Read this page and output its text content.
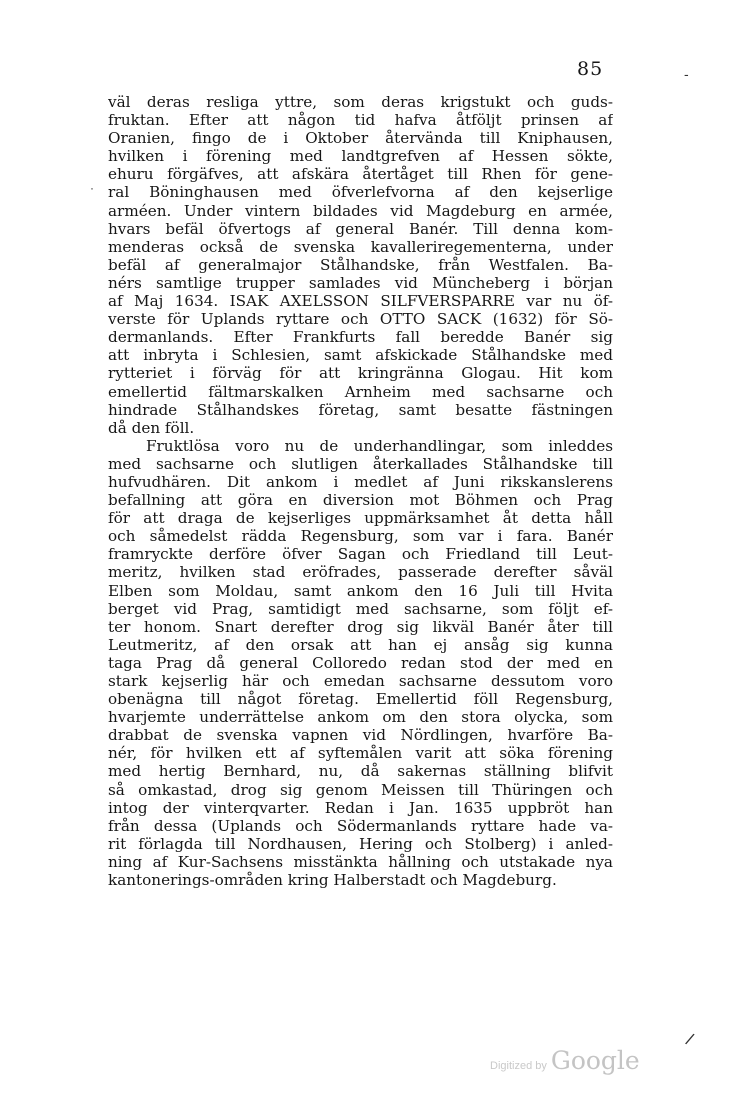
85	-
·
/
väl deras resliga yttre, som deras krigstukt och guds-
fruktan. Efter att någon tid hafva åtföljt prinsen af
Oranien, fingo de i Oktober återvända till Kniphausen,
hvilken i förening med landtgrefven af Hessen sökte,
ehuru förgäfves, att afskära återtåget till Rhen för gene-
ral Böninghausen med öfverlefvorna af den kejserlige
arméen. Under vintern bildades vid Magdeburg en armée,
hvars befäl öfvertogs af general Banér. Till denna kom-
menderas också de svenska kavalleriregementerna, under
befäl af generalmajor Stålhandske, från Westfalen. Ba-
nérs samtlige trupper samlades vid Müncheberg i början
af Maj 1634. ISAK AXELSSON SILFVERSPARRE var nu öf-
verste för Uplands ryttare och OTTO SACK (1632) för Sö-
dermanlands. Efter Frankfurts fall beredde Banér sig
att inbryta i Schlesien, samt afskickade Stålhandske med
rytteriet i förväg för att kringränna Glogau. Hit kom
emellertid fältmarskalken Arnheim med sachsarne och
hindrade Stålhandskes företag, samt besatte fästningen
då den föll.
Fruktlösa voro nu de underhandlingar, som inleddes
med sachsarne och slutligen återkallades Stålhandske till
hufvudhären. Dit ankom i medlet af Juni rikskanslerens
befallning att göra en diversion mot Böhmen och Prag
för att draga de kejserliges uppmärksamhet åt detta håll
och såmedelst rädda Regensburg, som var i fara. Banér
framryckte derföre öfver Sagan och Friedland till Leut-
meritz, hvilken stad eröfrades, passerade derefter såväl
Elben som Moldau, samt ankom den 16 Juli till Hvita
berget vid Prag, samtidigt med sachsarne, som följt ef-
ter honom. Snart derefter drog sig likväl Banér åter till
Leutmeritz, af den orsak att han ej ansåg sig kunna
taga Prag då general Colloredo redan stod der med en
stark kejserlig här och emedan sachsarne dessutom voro
obenägna till något företag. Emellertid föll Regensburg,
hvarjemte underrättelse ankom om den stora olycka, som
drabbat de svenska vapnen vid Nördlingen, hvarföre Ba-
nér, för hvilken ett af syftemålen varit att söka förening
med hertig Bernhard, nu, då sakernas ställning blifvit
så omkastad, drog sig genom Meissen till Thüringen och
intog der vinterqvarter. Redan i Jan. 1635 uppbröt han
från dessa (Uplands och Södermanlands ryttare hade va-
rit förlagda till Nordhausen, Hering och Stolberg) i anled-
ning af Kur-Sachsens misstänkta hållning och utstakade nya
kantonerings-områden kring Halberstadt och Magdeburg.
Digitized by Google
